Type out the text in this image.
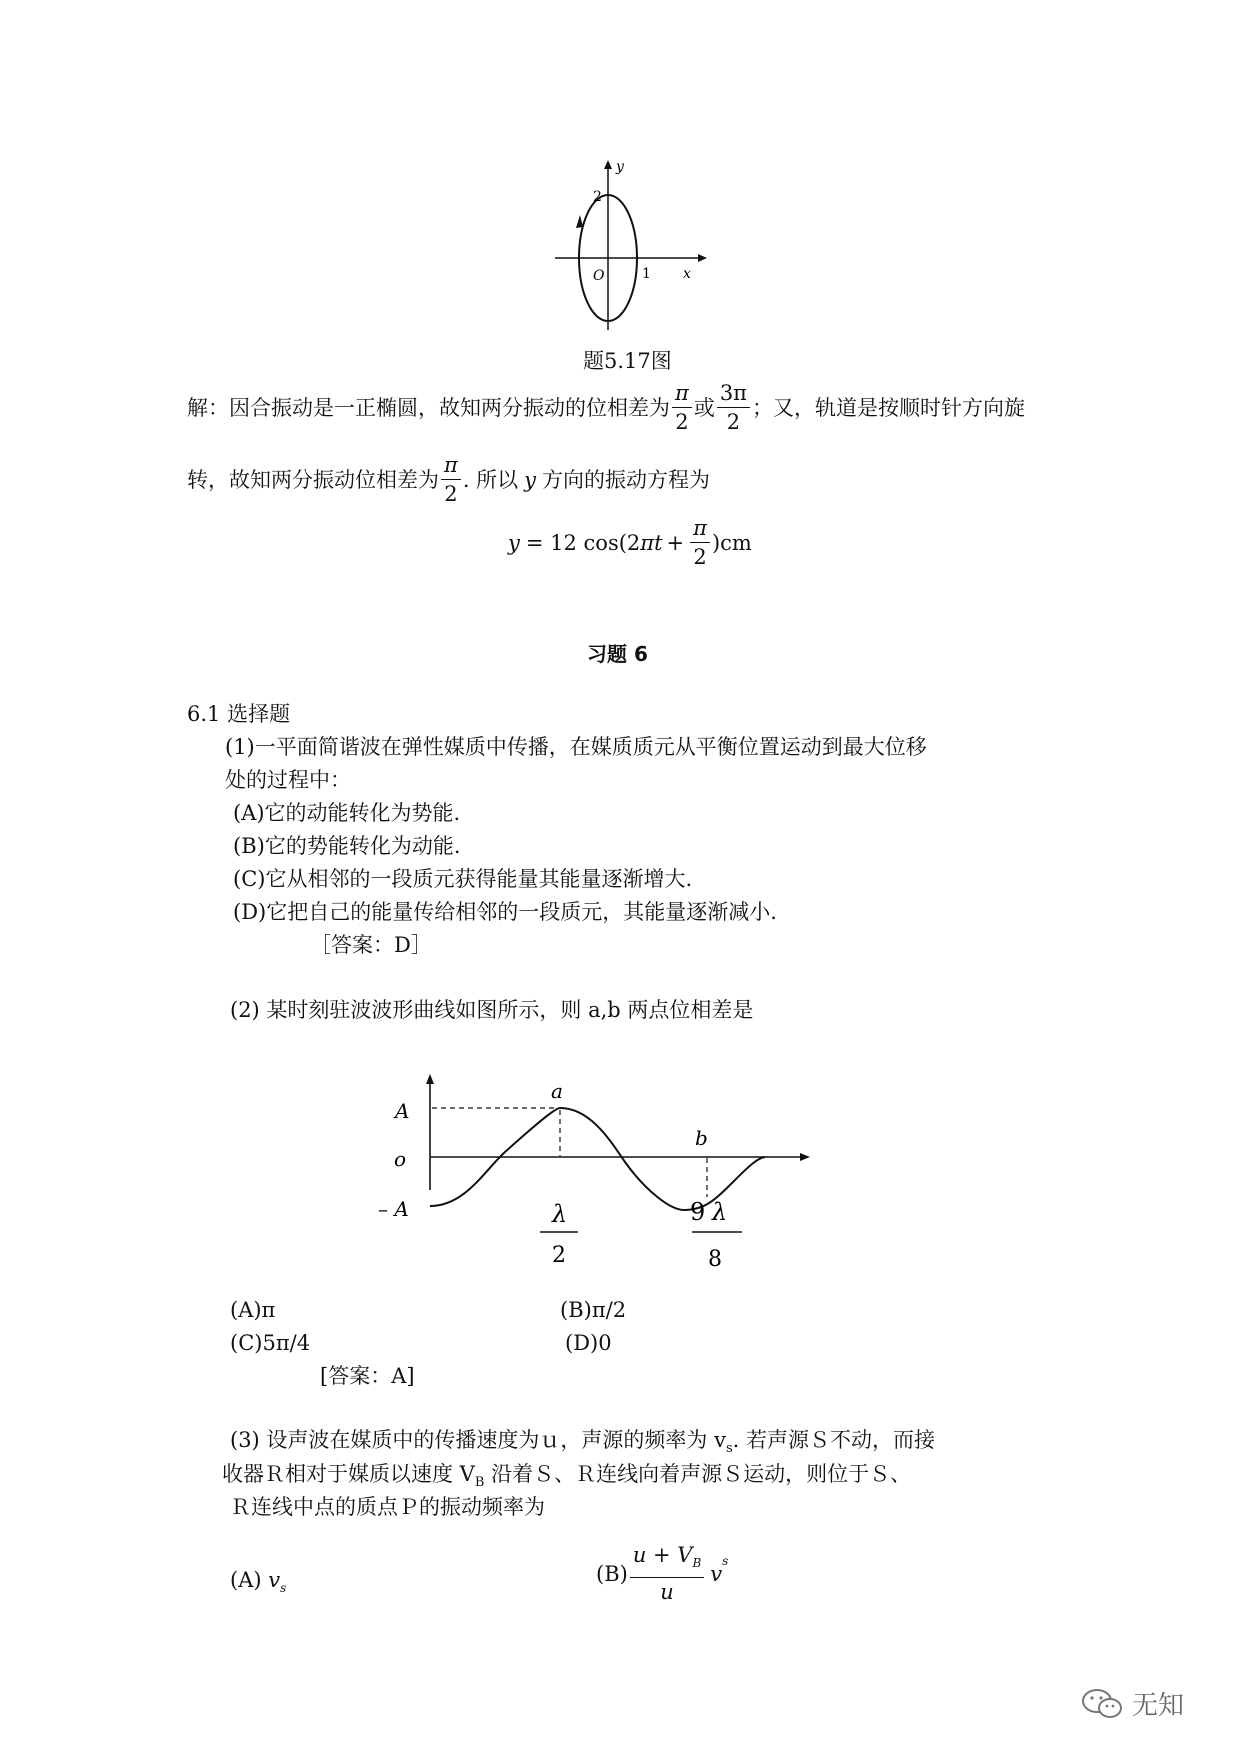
y
2
O	1 x
题5.17图
解：因合振动是一正椭圆，故知两分振动的位相差为 $\frac{\pi}{2}$ 或 $\frac{3\pi}{2}$ ；又，轨道是按顺时针方向旋
转，故知两分振动位相差为 $\frac{\pi}{2}$ . 所以 y 方向的振动方程为
y = 12 cos(2 $\pi t + \frac{\pi}{2} )cm$
习题 6
6.1 选择题
(1)一平面简谐波在弹性媒质中传播，在媒质质元从平衡位置运动到最大位移
处的过程中：
(A)它的动能转化为势能.
(B)它的势能转化为动能.
(C)它从相邻的一段质元获得能量其能量逐渐增大.
(D)它把自己的能量传给相邻的一段质元，其能量逐渐减小.
［答案：D］
(2) 某时刻驻波波形曲线如图所示，则 a,b 两点位相差是
A
o
– A
a
b
λ
2
9 λ
8
(A)π	(B)π/2
(C)5π/4	(D)0
[答案：A]
(3) 设声波在媒质中的传播速度为ｕ，声源的频率为 $v_s$. 若声源Ｓ不动，而接
收器Ｒ相对于媒质以速度 $V_B$ 沿着Ｓ、Ｒ连线向着声源Ｓ运动，则位于Ｓ、
Ｒ连线中点的质点Ｐ的振动频率为
(A) $v_s$
$(B) \frac{u + V_B}{u}$ v
$^s$
无知
